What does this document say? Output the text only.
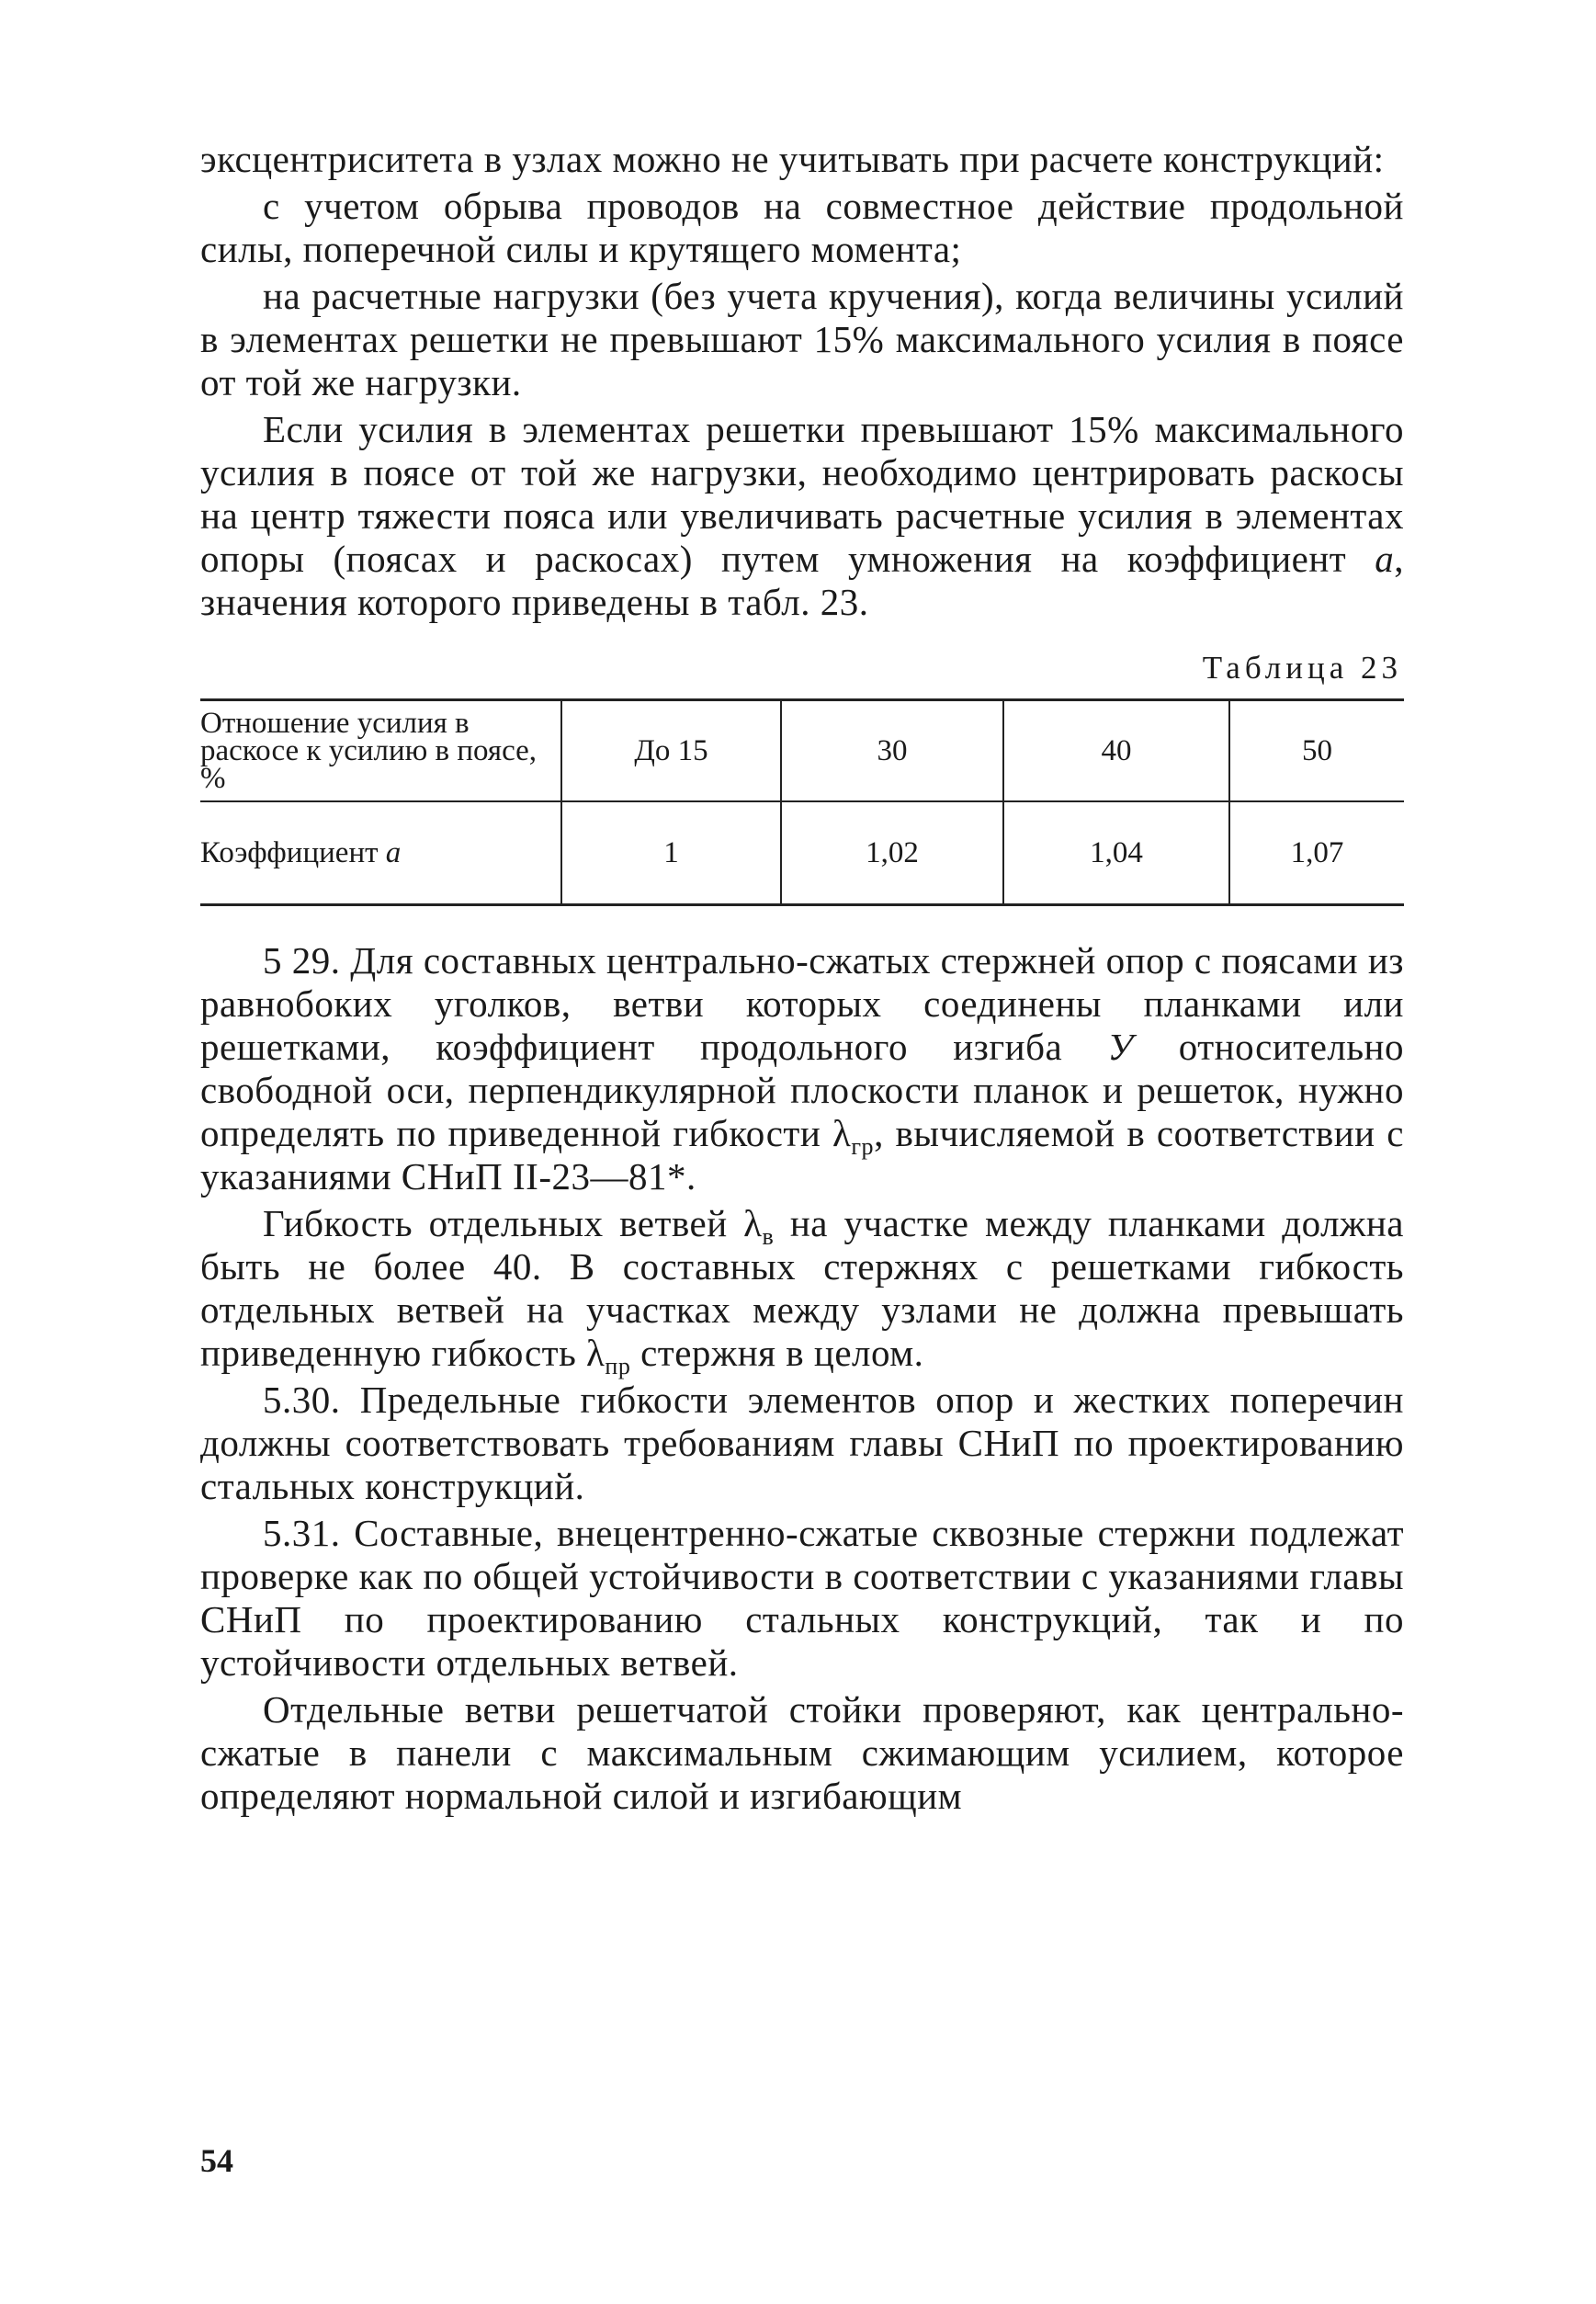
эксцентриситета в узлах можно не учитывать при расчете конструкций:

с учетом обрыва проводов на совместное действие продольной силы, поперечной силы и крутящего момента;

на расчетные нагрузки (без учета кручения), когда величины усилий в элементах решетки не превышают 15% максимального усилия в поясе от той же нагрузки.

Если усилия в элементах решетки превышают 15% максимального усилия в поясе от той же нагрузки, необходимо центрировать раскосы на центр тяжести пояса или увеличивать расчетные усилия в элементах опоры (поясах и раскосах) путем умножения на коэффициент a, значения которого приведены в табл. 23.

Таблица 23
Отношение усилия в раскосе к усилию в поясе, %	До 15	30	40	50
Коэффициент a	1	1,02	1,04	1,07

5 29. Для составных центрально-сжатых стержней опор с поясами из равнобоких уголков, ветви которых соединены планками или решетками, коэффициент продольного изгиба У относительно свободной оси, перпендикулярной плоскости планок и решеток, нужно определять по приведенной гибкости $\lambda_{гр}$, вычисляемой в соответствии с указаниями СНиП II-23—81*.

Гибкость отдельных ветвей $\lambda_в$ на участке между планками должна быть не более 40. В составных стержнях с решетками гибкость отдельных ветвей на участках между узлами не должна превышать приведенную гибкость $\lambda_{пр}$ стержня в целом.

5.30. Предельные гибкости элементов опор и жестких поперечин должны соответствовать требованиям главы СНиП по проектированию стальных конструкций.

5.31. Составные, внецентренно-сжатые сквозные стержни подлежат проверке как по общей устойчивости в соответствии с указаниями главы СНиП по проектированию стальных конструкций, так и по устойчивости отдельных ветвей.

Отдельные ветви решетчатой стойки проверяют, как центрально-сжатые в панели с максимальным сжимающим усилием, которое определяют нормальной силой и изгибающим

54
